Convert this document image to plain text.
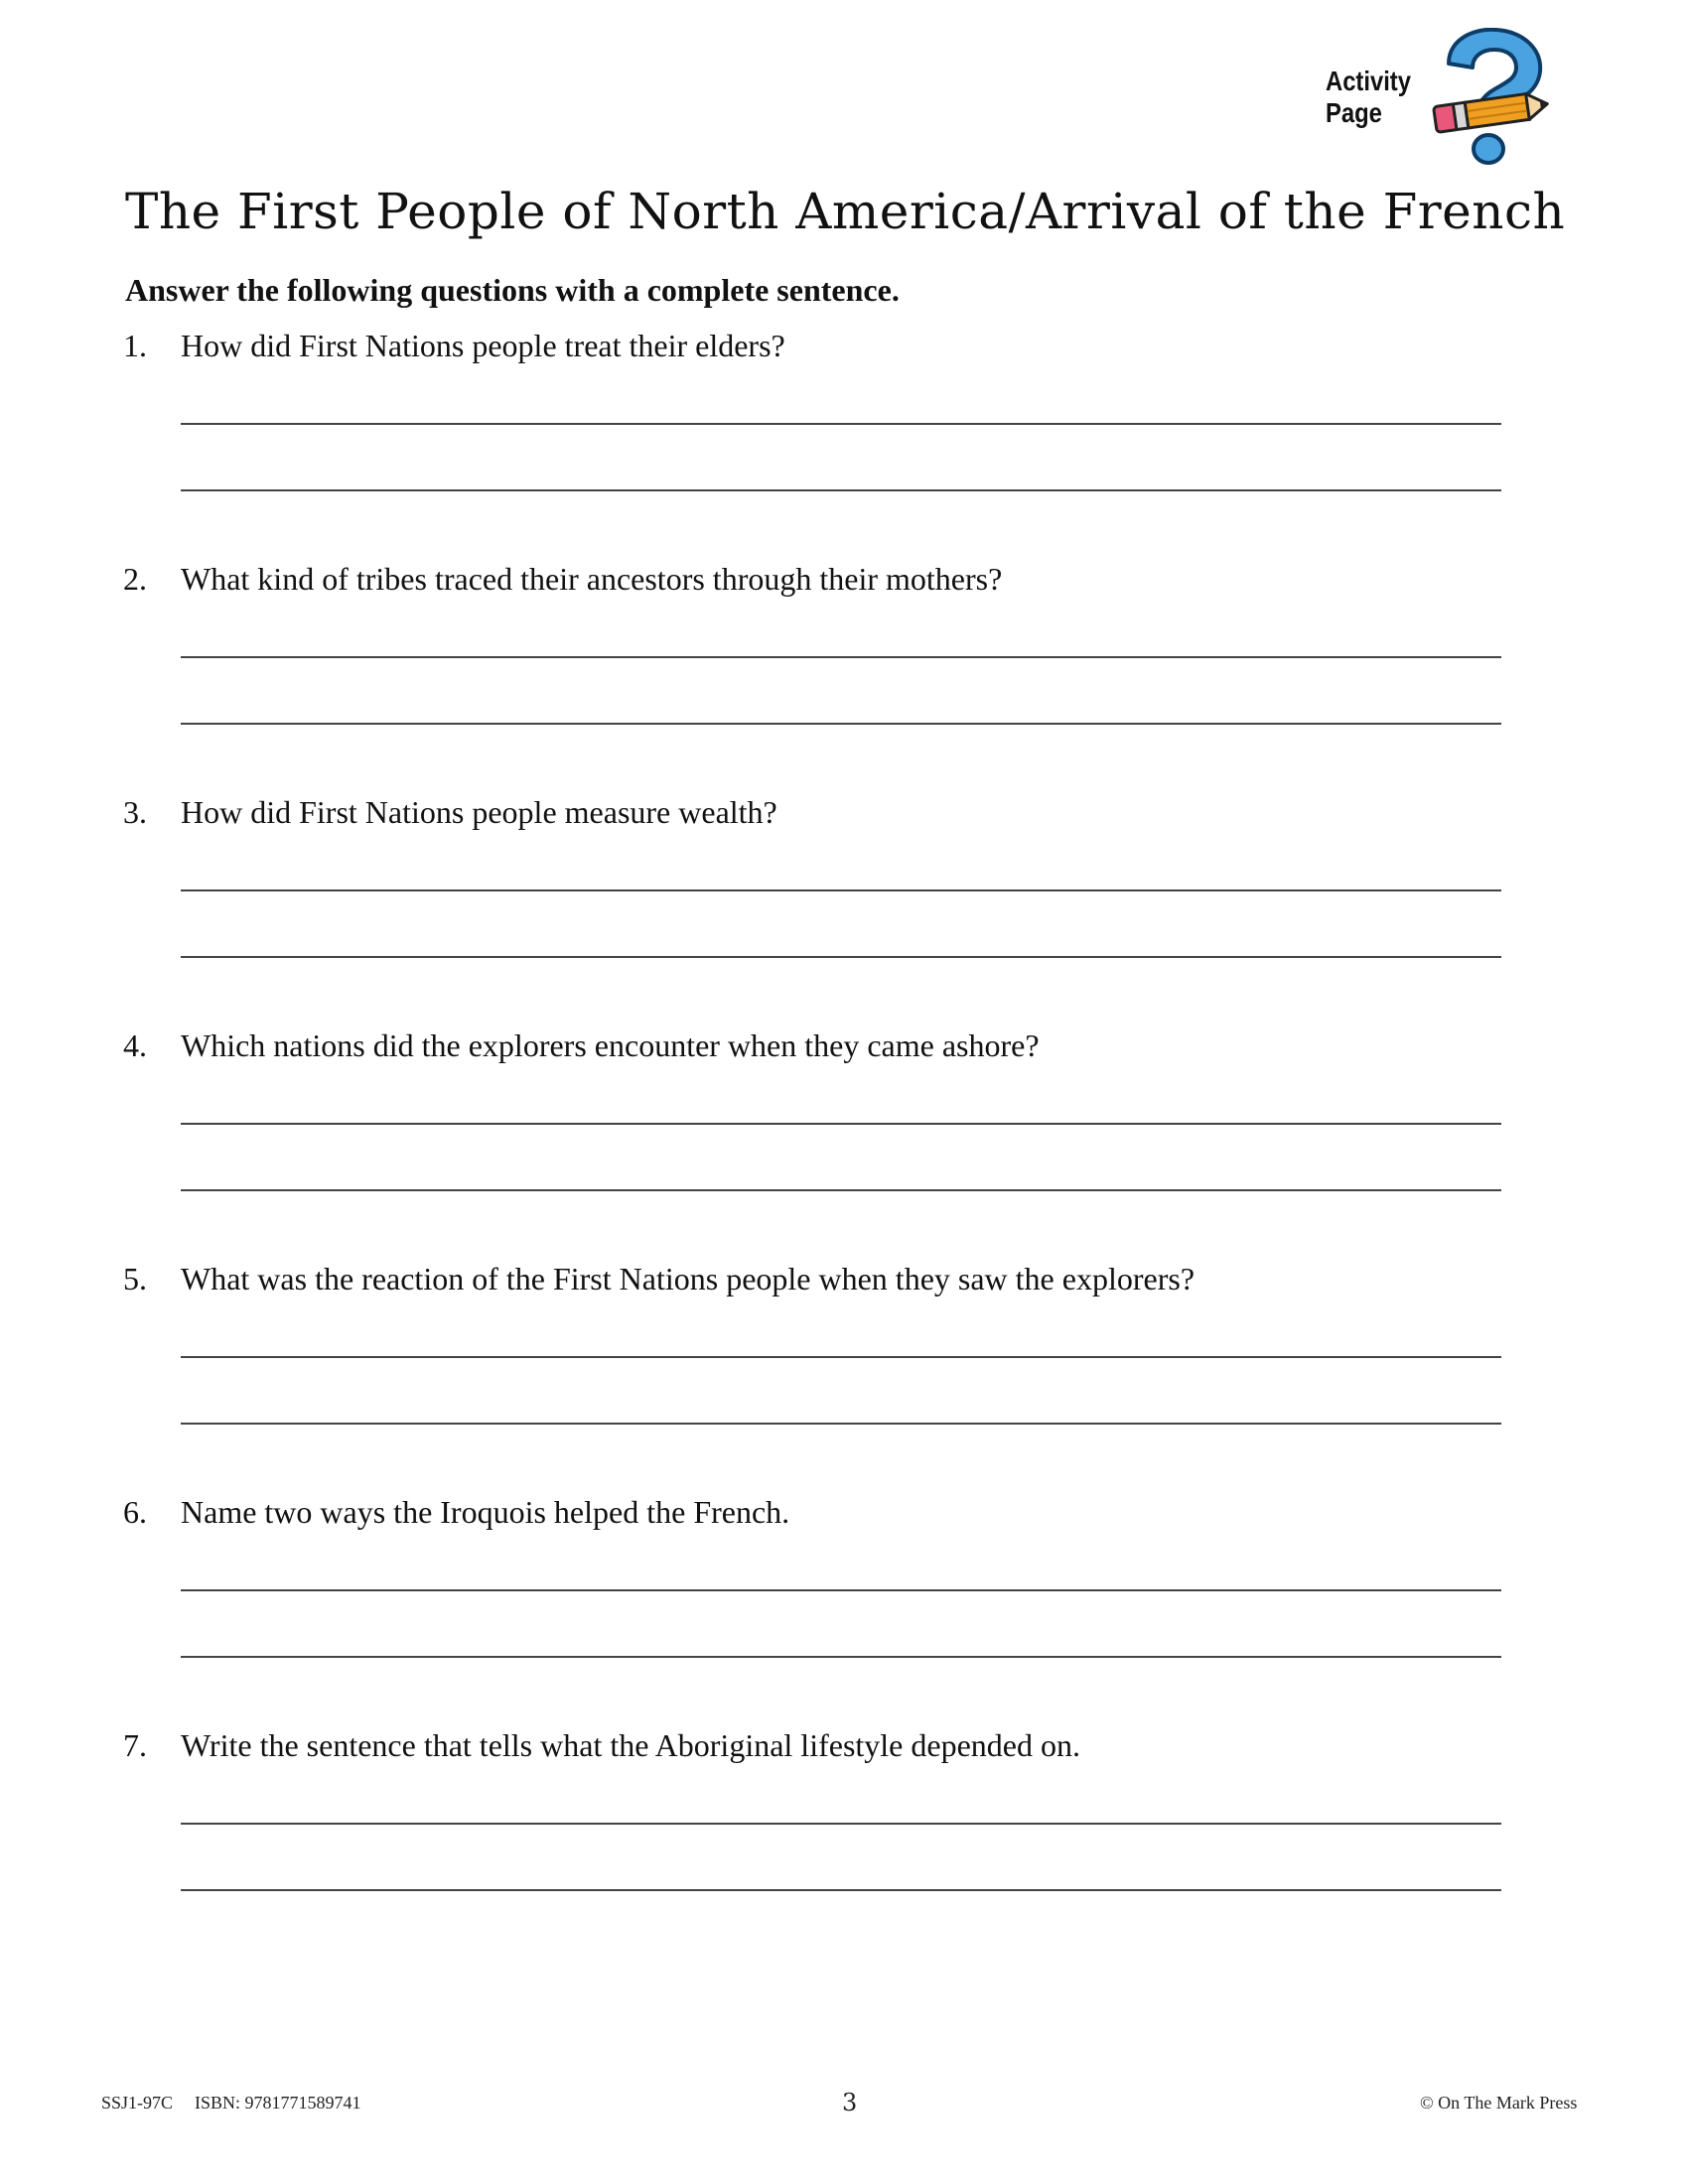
Activity
Page
The First People of North America/Arrival of the French
Answer the following questions with a complete sentence.
1. How did First Nations people treat their elders?
2. What kind of tribes traced their ancestors through their mothers?
3. How did First Nations people measure wealth?
4. Which nations did the explorers encounter when they came ashore?
5. What was the reaction of the First Nations people when they saw the explorers?
6. Name two ways the Iroquois helped the French.
7. Write the sentence that tells what the Aboriginal lifestyle depended on.
SSJ1-97C ISBN: 9781771589741	3	© On The Mark Press
